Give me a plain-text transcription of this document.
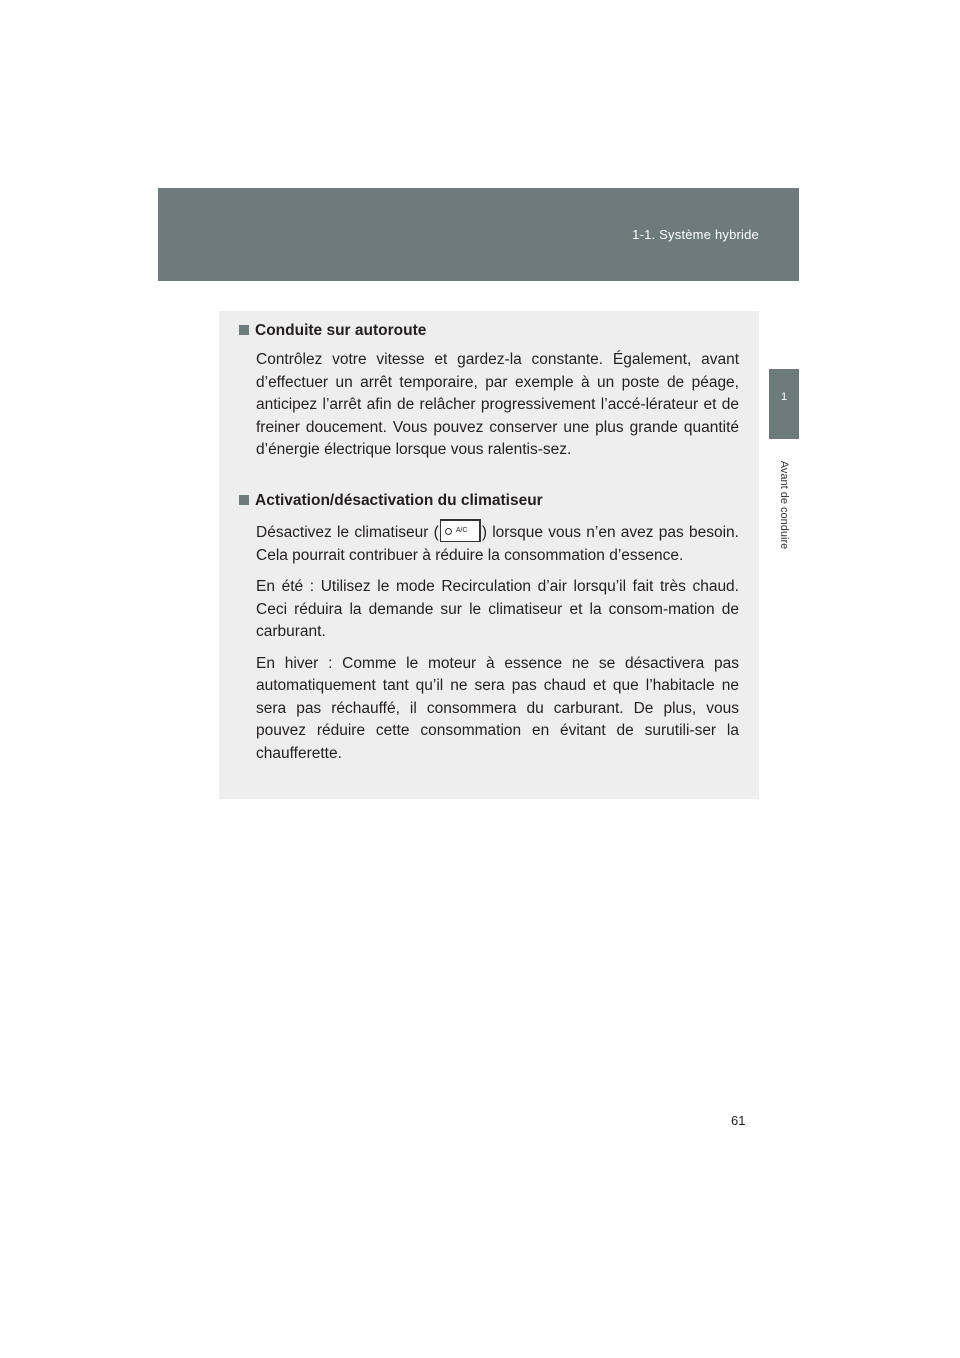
1-1. Système hybride
1
Avant de conduire

Conduite sur autoroute

Contrôlez votre vitesse et gardez-la constante. Également, avant d’effectuer un arrêt temporaire, par exemple à un poste de péage, anticipez l’arrêt afin de relâcher progressivement l’accé-lérateur et de freiner doucement. Vous pouvez conserver une plus grande quantité d’énergie électrique lorsque vous ralentis-sez.

Activation/désactivation du climatiseur

Désactivez le climatiseur ( A/C ) lorsque vous n’en avez pas besoin. Cela pourrait contribuer à réduire la consommation d’essence.

En été : Utilisez le mode Recirculation d’air lorsqu’il fait très chaud. Ceci réduira la demande sur le climatiseur et la consom-mation de carburant.

En hiver : Comme le moteur à essence ne se désactivera pas automatiquement tant qu’il ne sera pas chaud et que l’habitacle ne sera pas réchauffé, il consommera du carburant. De plus, vous pouvez réduire cette consommation en évitant de surutili-ser la chaufferette.

61
